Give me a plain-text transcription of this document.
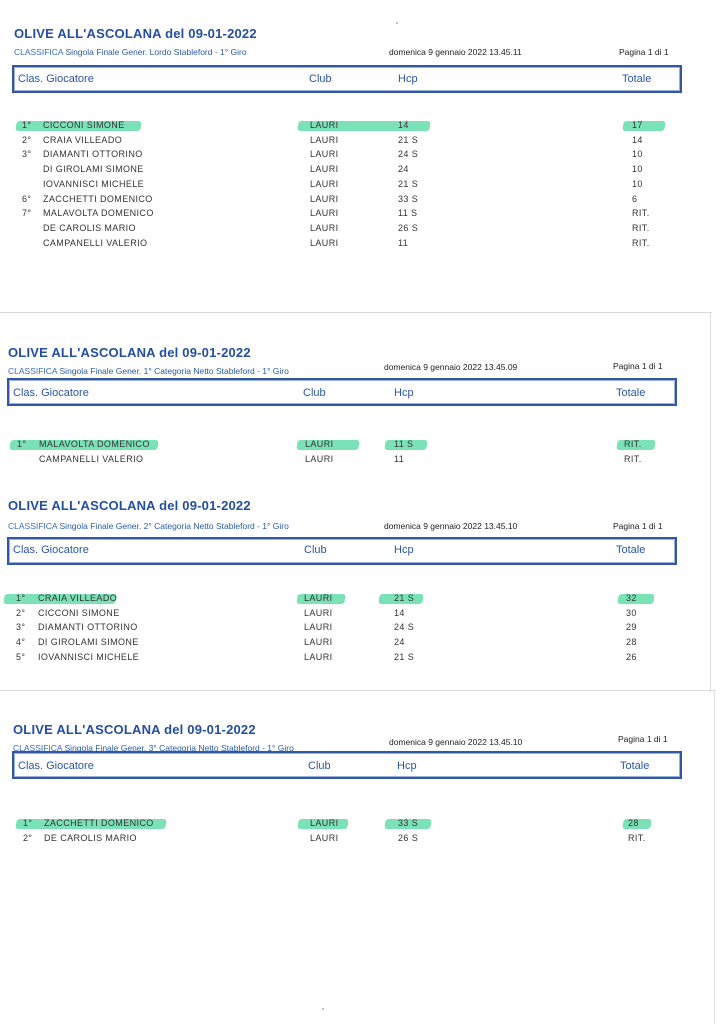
OLIVE ALL'ASCOLANA del 09-01-2022
CLASSIFICA Singola Finale Gener. Lordo Stableford - 1° Giro	domenica 9 gennaio 2022 13.45.11	Pagina 1 di 1
Clas. Giocatore	Club	Hcp	Totale
1° CICCONI SIMONE	LAURI	14	17
2° CRAIA VILLEADO	LAURI	21 S	14
3° DIAMANTI OTTORINO	LAURI	24 S	10
DI GIROLAMI SIMONE	LAURI	24	10
IOVANNISCI MICHELE	LAURI	21 S	10
6° ZACCHETTI DOMENICO	LAURI	33 S	6
7° MALAVOLTA DOMENICO	LAURI	11 S	RIT.
DE CAROLIS MARIO	LAURI	26 S	RIT.
CAMPANELLI VALERIO	LAURI	11	RIT.
OLIVE ALL'ASCOLANA del 09-01-2022
CLASSIFICA Singola Finale Gener. 1° Categoria Netto Stableford - 1° Giro	domenica 9 gennaio 2022 13.45.09	Pagina 1 di 1
Clas. Giocatore	Club	Hcp	Totale
1° MALAVOLTA DOMENICO	LAURI	11 S	RIT.
CAMPANELLI VALERIO	LAURI	11	RIT.
OLIVE ALL'ASCOLANA del 09-01-2022
CLASSIFICA Singola Finale Gener. 2° Categoria Netto Stableford - 1° Giro	domenica 9 gennaio 2022 13.45.10	Pagina 1 di 1
Clas. Giocatore	Club	Hcp	Totale
1° CRAIA VILLEADO	LAURI	21 S	32
2° CICCONI SIMONE	LAURI	14	30
3° DIAMANTI OTTORINO	LAURI	24 S	29
4° DI GIROLAMI SIMONE	LAURI	24	28
5° IOVANNISCI MICHELE	LAURI	21 S	26
OLIVE ALL'ASCOLANA del 09-01-2022
CLASSIFICA Singola Finale Gener. 3° Categoria Netto Stableford - 1° Giro
domenica 9 gennaio 2022 13.45.10	Pagina 1 di 1
Clas. Giocatore	Club	Hcp	Totale
1° ZACCHETTI DOMENICO	LAURI	33 S	28
2° DE CAROLIS MARIO	LAURI	26 S	RIT.
